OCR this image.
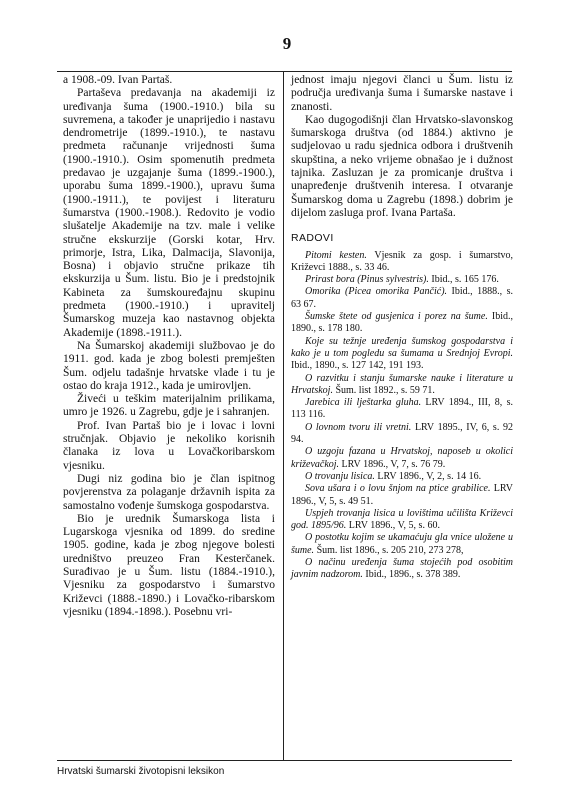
9

a 1908.-09. Ivan Partaš.

Partaševa predavanja na akademiji iz uređivanja šuma (1900.-1910.) bila su suvremena, a također je unaprijedio i nastavu dendrometrije (1899.-1910.), te nastavu predmeta računanje vrijednosti šuma (1900.-1910.). Osim spomenutih predmeta predavao je uzgajanje šuma (1899.-1900.), uporabu šuma 1899.-1900.), upravu šuma (1900.-1911.), te povijest i literaturu šumarstva (1900.-1908.). Redovito je vodio slušatelje Akademije na tzv. male i velike stručne ekskurzije (Gorski kotar, Hrv. primorje, Istra, Lika, Dalmacija, Slavonija, Bosna) i objavio stručne prikaze tih ekskurzija u Šum. listu. Bio je i predstojnik Kabineta za šumskouređajnu skupinu predmeta (1900.-1910.) i upravitelj Šumarskog muzeja kao nastavnog objekta Akademije (1898.-1911.).

Na Šumarskoj akademiji službovao je do 1911. god. kada je zbog bolesti premješten Šum. odjelu tadašnje hrvatske vlade i tu je ostao do kraja 1912., kada je umirovljen.

Živeći u teškim materijalnim prilikama, umro je 1926. u Zagrebu, gdje je i sahranjen.

Prof. Ivan Partaš bio je i lovac i lovni stručnjak. Objavio je nekoliko korisnih članaka iz lova u Lovačkoribarskom vjesniku.

Dugi niz godina bio je član ispitnog povjerenstva za polaganje državnih ispita za samostalno vođenje šumskoga gospodarstva.

Bio je urednik Šumarskoga lista i Lugarskoga vjesnika od 1899. do sredine 1905. godine, kada je zbog njegove bolesti uredništvo preuzeo Fran Kesterčanek. Surađivao je u Šum. listu (1884.-1910.), Vjesniku za gospodarstvo i šumarstvo Križevci (1888.-1890.) i Lovačko-ribarskom vjesniku (1894.-1898.). Posebnu vri-

jednost imaju njegovi članci u Šum. listu iz područja uređivanja šuma i šumarske nastave i znanosti.

Kao dugogodišnji član Hrvatsko-slavonskog šumarskoga društva (od 1884.) aktivno je sudjelovao u radu sjednica odbora i društvenih skupština, a neko vrijeme obnašao je i dužnost tajnika. Zasluzan je za promicanje društva i unapređenje društvenih interesa. I otvaranje Šumarskog doma u Zagrebu (1898.) dobrim je dijelom zasluga prof. Ivana Partaša.

RADOVI

Pitomi kesten. Vjesnik za gosp. i šumarstvo, Križevci 1888., s. 33 46.

Prirast bora (Pinus sylvestris). Ibid., s. 165 176.

Omorika (Picea omorika Pančić). Ibid., 1888., s. 63 67.

Šumske štete od gusjenica i porez na šume. Ibid., 1890., s. 178 180.

Koje su težnje uređenja šumskog gospodarstva i kako je u tom pogledu sa šumama u Srednjoj Evropi. Ibid., 1890., s. 127 142, 191 193.

O razvitku i stanju šumarske nauke i literature u Hrvatskoj. Šum. list 1892., s. 59 71.

Jarebica ili lještarka gluha. LRV 1894., III, 8, s. 113 116.

O lovnom tvoru ili vretni. LRV 1895., IV, 6, s. 92 94.

O uzgoju fazana u Hrvatskoj, naposeb u okolici križevačkoj. LRV 1896., V, 7, s. 76 79.

O trovanju lisica. LRV 1896., V, 2, s. 14 16.

Sova ušara i o lovu šnjom na ptice grabilice. LRV 1896., V, 5, s. 49 51.

Uspjeh trovanja lisica u lovištima učilišta Križevci god. 1895/96. LRV 1896., V, 5, s. 60.

O postotku kojim se ukamaćuju gla vnice uložene u šume. Šum. list 1896., s. 205 210, 273 278,

O načinu uređenja šuma stojećih pod osobitim javnim nadzorom. Ibid., 1896., s. 378 389.

Hrvatski šumarski životopisni leksikon
